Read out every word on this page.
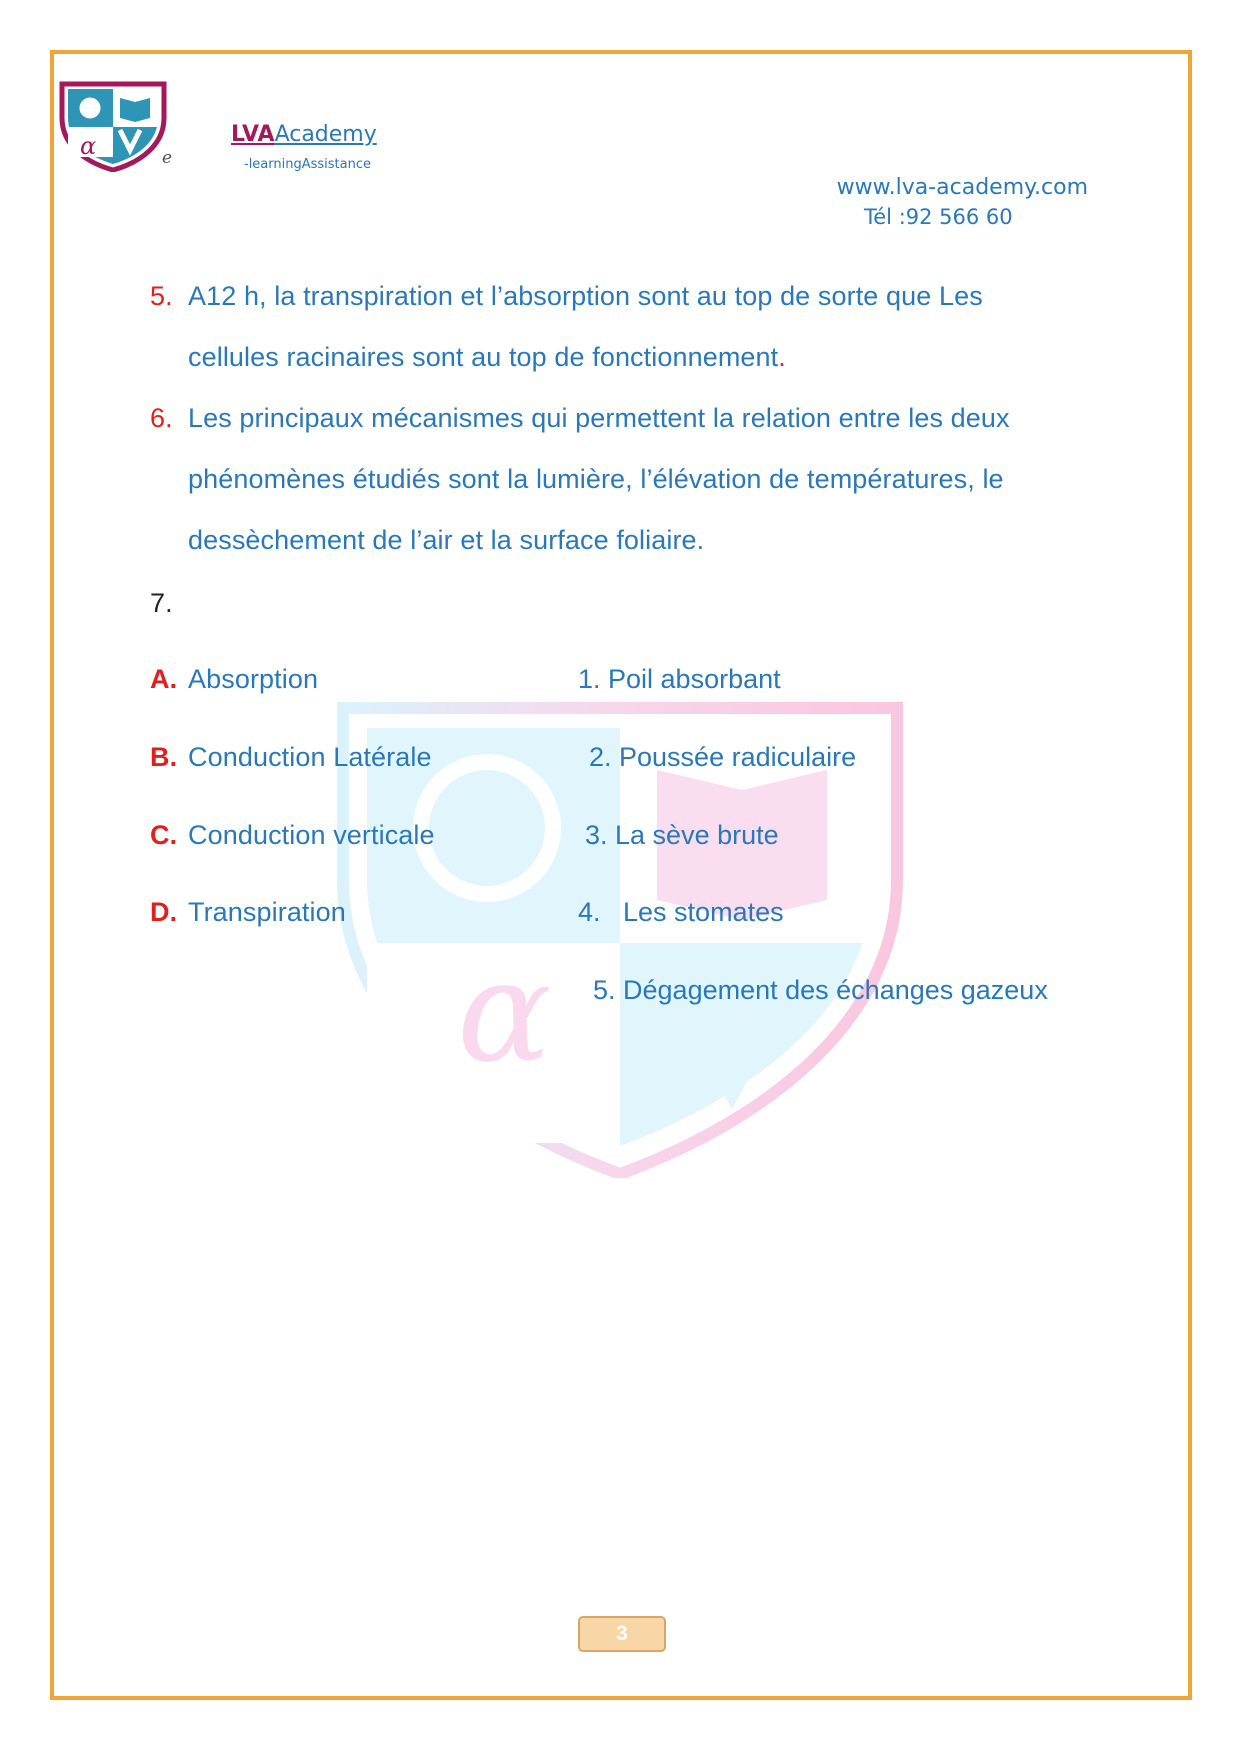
α	e
LVAAcademy
-learningAssistance
www.lva-academy.com
Tél :92 566 60
α
5. A12 h, la transpiration et l’absorption sont au top de sorte que Les
cellules racinaires sont au top de fonctionnement.
6. Les principaux mécanismes qui permettent la relation entre les deux
phénomènes étudiés sont la lumière, l’élévation de températures, le
dessèchement de l’air et la surface foliaire.
7.
A. Absorption
B. Conduction Latérale
C. Conduction verticale
D. Transpiration
1. Poil absorbant
2. Poussée radiculaire
3. La sève brute
4.   Les stomates
5. Dégagement des échanges gazeux
3
